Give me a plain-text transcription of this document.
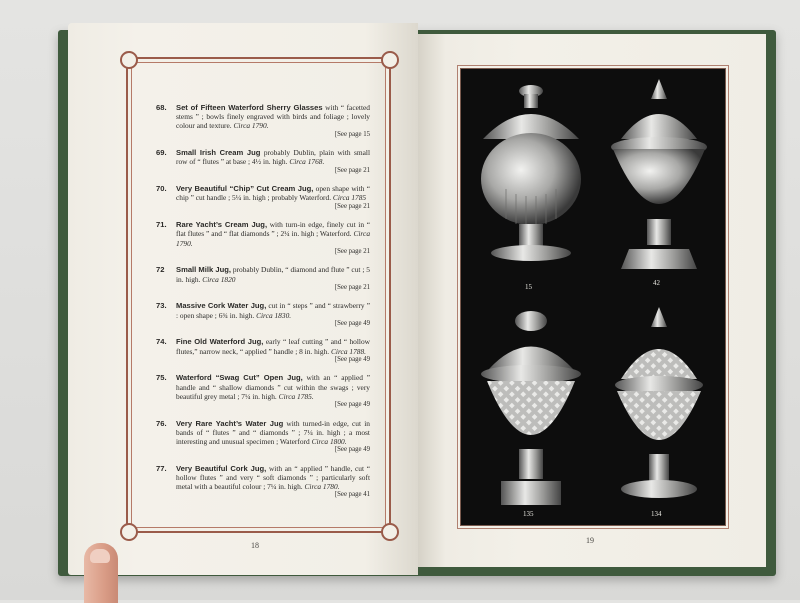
68. Set of Fifteen Waterford Sherry Glasses with “ facetted stems ” ; bowls finely engraved with birds and foliage ; lovely colour and texture. Circa 1790.
[See page 15
69. Small Irish Cream Jug probably Dublin, plain with small row of “ flutes ” at base ; 4½ in. high. Circa 1768.
[See page 21
70. Very Beautiful “Chip” Cut Cream Jug, open shape with “ chip ” cut handle ; 5¼ in. high ; probably Waterford. Circa 1785
[See page 21
71. Rare Yacht’s Cream Jug, with turn-in edge, finely cut in “ flat flutes ” and “ flat diamonds ” ; 2¼ in. high ; Waterford. Circa 1790.
[See page 21
72 Small Milk Jug, probably Dublin, “ diamond and flute ” cut ; 5 in. high. Circa 1820
[See page 21
73. Massive Cork Water Jug, cut in “ steps ” and “ strawberry ” : open shape ; 6¾ in. high. Circa 1830.
[See page 49
74. Fine Old Waterford Jug, early “ leaf cutting ” and “ hollow flutes,” narrow neck, “ applied ” handle ; 8 in. high. Circa 1788.
[See page 49
75. Waterford “Swag Cut” Open Jug, with an “ applied ” handle and “ shallow diamonds ” cut within the swags ; very beautiful grey metal ; 7¼ in. high. Circa 1785.
[See page 49
76. Very Rare Yacht’s Water Jug with turned-in edge, cut in bands of “ flutes ” and “ diamonds ” ; 7¼ in. high ; a most interesting and unusual specimen ; Waterford Circa 1800.
[See page 49
77. Very Beautiful Cork Jug, with an “ applied ” handle, cut “ hollow flutes ” and very “ soft diamonds ” ; particularly soft metal with a beautiful colour ; 7¼ in. high. Circa 1780.
[See page 41
18
15	42
135	134
19
